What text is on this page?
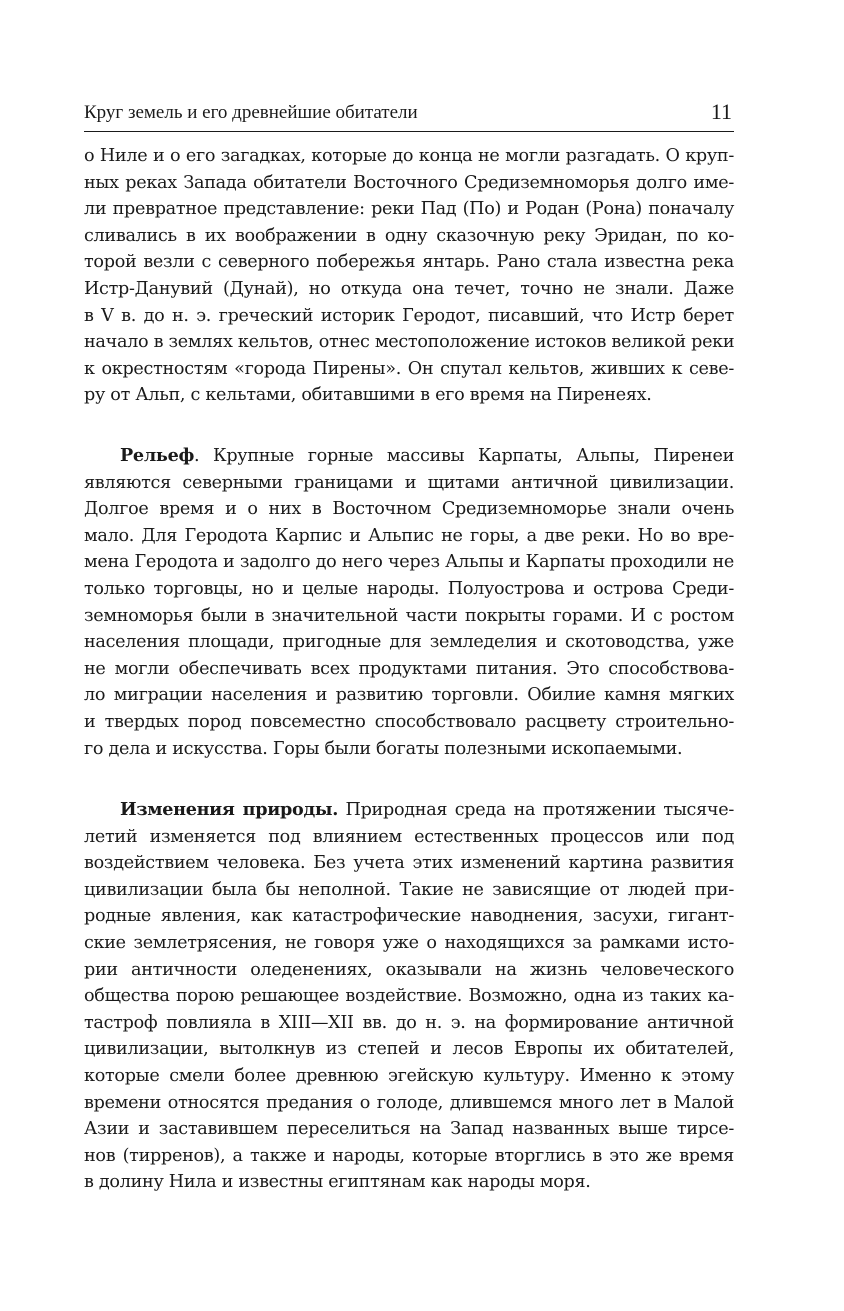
Круг земель и его древнейшие обитатели	11
о Ниле и о его загадках, которые до конца не могли разгадать. О круп-
ных реках Запада обитатели Восточного Средиземноморья долго име-
ли превратное представление: реки Пад (По) и Родан (Рона) поначалу
сливались в их воображении в одну сказочную реку Эридан, по ко-
торой везли с северного побережья янтарь. Рано стала известна река
Истр-Данувий (Дунай), но откуда она течет, точно не знали. Даже
в V в. до н. э. греческий историк Геродот, писавший, что Истр берет
начало в землях кельтов, отнес местоположение истоков великой реки
к окрестностям «города Пирены». Он спутал кельтов, живших к севе-
ру от Альп, с кельтами, обитавшими в его время на Пиренеях.
Рельеф. Крупные горные массивы Карпаты, Альпы, Пиренеи
являются северными границами и щитами античной цивилизации.
Долгое время и о них в Восточном Средиземноморье знали очень
мало. Для Геродота Карпис и Альпис не горы, а две реки. Но во вре-
мена Геродота и задолго до него через Альпы и Карпаты проходили не
только торговцы, но и целые народы. Полуострова и острова Среди-
земноморья были в значительной части покрыты горами. И с ростом
населения площади, пригодные для земледелия и скотоводства, уже
не могли обеспечивать всех продуктами питания. Это способствова-
ло миграции населения и развитию торговли. Обилие камня мягких
и твердых пород повсеместно способствовало расцвету строительно-
го дела и искусства. Горы были богаты полезными ископаемыми.
Изменения природы. Природная среда на протяжении тысяче-
летий изменяется под влиянием естественных процессов или под
воздействием человека. Без учета этих изменений картина развития
цивилизации была бы неполной. Такие не зависящие от людей при-
родные явления, как катастрофические наводнения, засухи, гигант-
ские землетрясения, не говоря уже о находящихся за рамками исто-
рии античности оледенениях, оказывали на жизнь человеческого
общества порою решающее воздействие. Возможно, одна из таких ка-
тастроф повлияла в XIII—XII вв. до н. э. на формирование античной
цивилизации, вытолкнув из степей и лесов Европы их обитателей,
которые смели более древнюю эгейскую культуру. Именно к этому
времени относятся предания о голоде, длившемся много лет в Малой
Азии и заставившем переселиться на Запад названных выше тирсе-
нов (тирренов), а также и народы, которые вторглись в это же время
в долину Нила и известны египтянам как народы моря.
